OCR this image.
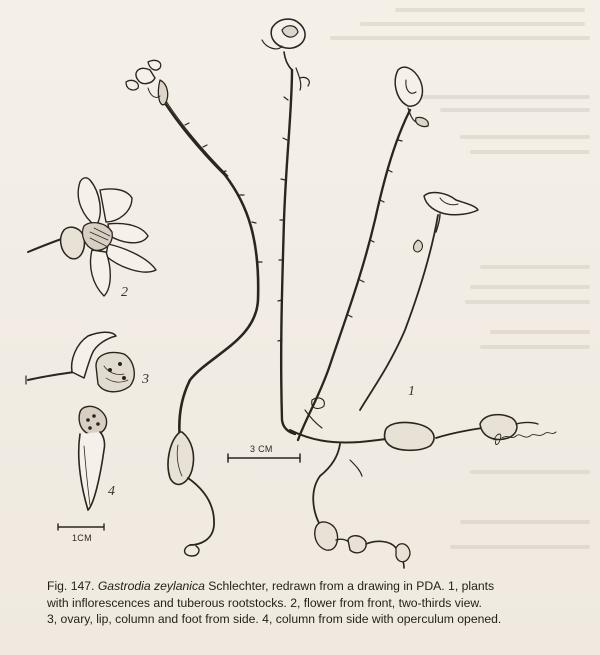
2
3
4
1
3 CM
1CM

Fig. 147. Gastrodia zeylanica Schlechter, redrawn from a drawing in PDA. 1, plants

with inflorescences and tuberous rootstocks. 2, flower from front, two-thirds view.

3, ovary, lip, column and foot from side. 4, column from side with operculum opened.
